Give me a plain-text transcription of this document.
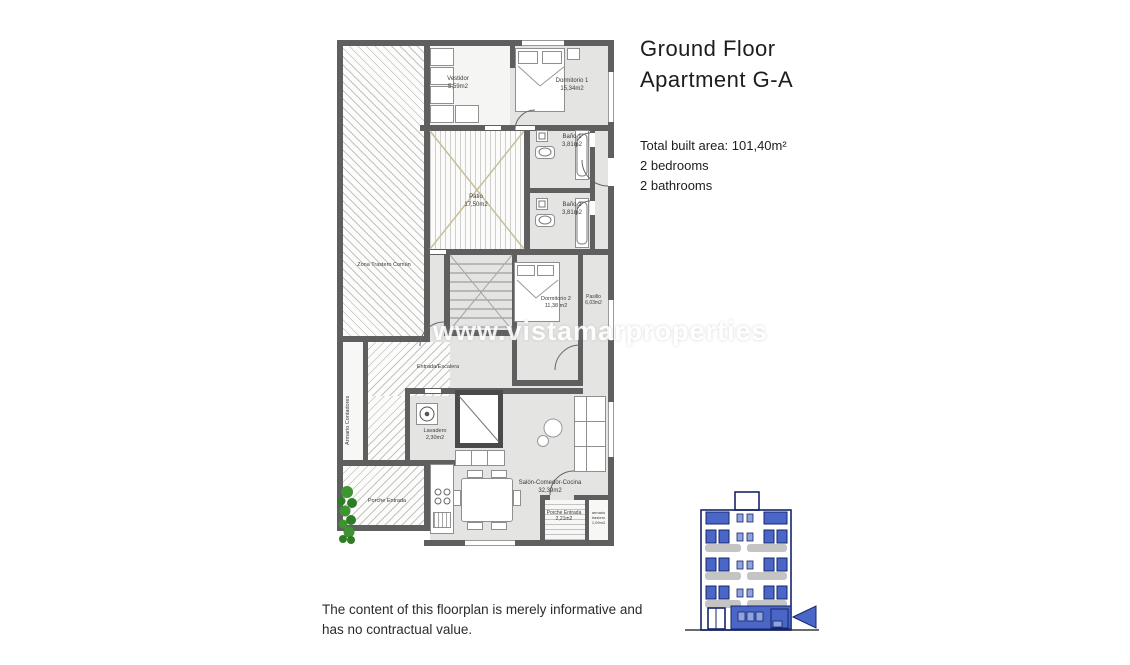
Ground Floor
Apartment G-A
Total built area: 101,40m²
2 bedrooms
2 bathrooms
The content of this floorplan is merely informative and
has no contractual value.
Zona Trastero Común
Vestidor
5,59m2
Dormitorio 1
15,34m2
Baño 1
3,81m2
Baño 2
3,81m2
Patio
17,50m2
Dormitorio 2
11,38 m2
Pasillo
6,03m2
Entrada/Escalera
Armario Contadores	Lavadero
2,30m2
Salón-Comedor-Cocina
32,39m2
Porche Entrada
Porche Entrada
2,21m2
armario trastero
1,09m2
www.vistamarproperties
